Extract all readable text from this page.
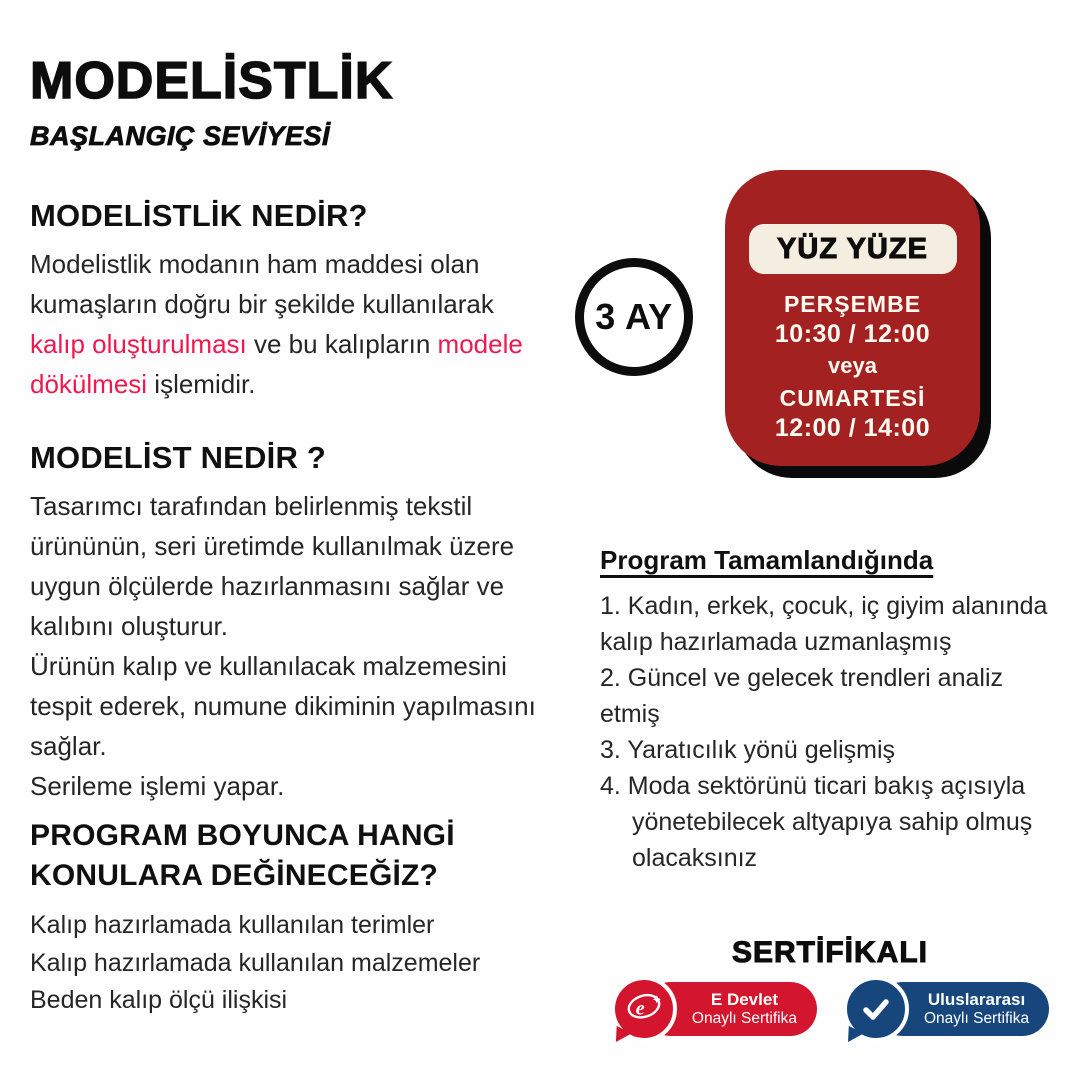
MODELİSTLİK
BAŞLANGIÇ SEVİYESİ
MODELİSTLİK NEDİR?

Modelistlik modanın ham maddesi olan kumaşların doğru bir şekilde kullanılarak kalıp oluşturulması ve bu kalıpların modele dökülmesi işlemidir.

MODELİST NEDİR ?

Tasarımcı tarafından belirlenmiş tekstil ürününün, seri üretimde kullanılmak üzere uygun ölçülerde hazırlanmasını sağlar ve kalıbını oluşturur.

Ürünün kalıp ve kullanılacak malzemesini tespit ederek, numune dikiminin yapılmasını sağlar.

Serileme işlemi yapar.

PROGRAM BOYUNCA HANGİ
KONULARA DEĞİNECEĞİZ?
Kalıp hazırlamada kullanılan terimler
Kalıp hazırlamada kullanılan malzemeler
Beden kalıp ölçü ilişkisi
3 AY
YÜZ YÜZE
PERŞEMBE
10:30 / 12:00
veya
CUMARTESİ
12:00 / 14:00
Program Tamamlandığında
1. Kadın, erkek, çocuk, iç giyim alanında kalıp hazırlamada uzmanlaşmış
2. Güncel ve gelecek trendleri analiz etmiş
3. Yaratıcılık yönü gelişmiş
4. Moda sektörünü ticari bakış açısıyla yönetebilecek altyapıya sahip olmuş olacaksınız
SERTİFİKALI
E Devlet
Onaylı Sertifika
e	Uluslararası
Onaylı Sertifika
